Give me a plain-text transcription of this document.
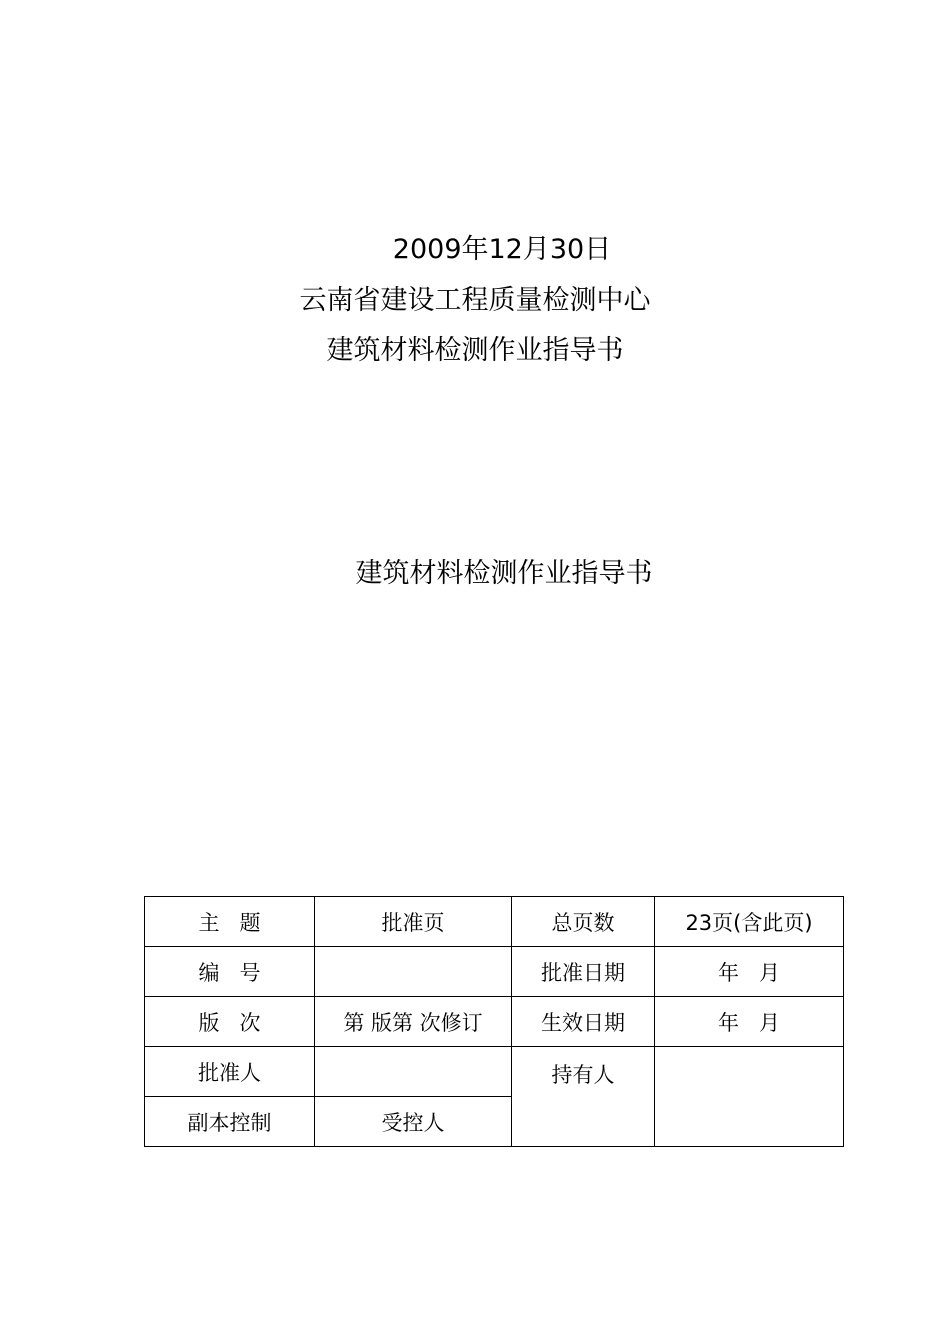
2009年12月30日
云南省建设工程质量检测中心
建筑材料检测作业指导书
建筑材料检测作业指导书
主   题	批准页	总页数	23页(含此页)
编   号		批准日期	年   月
版   次	第 版第 次修订	生效日期	年   月
批准人		持有人	
副本控制	受控人		
